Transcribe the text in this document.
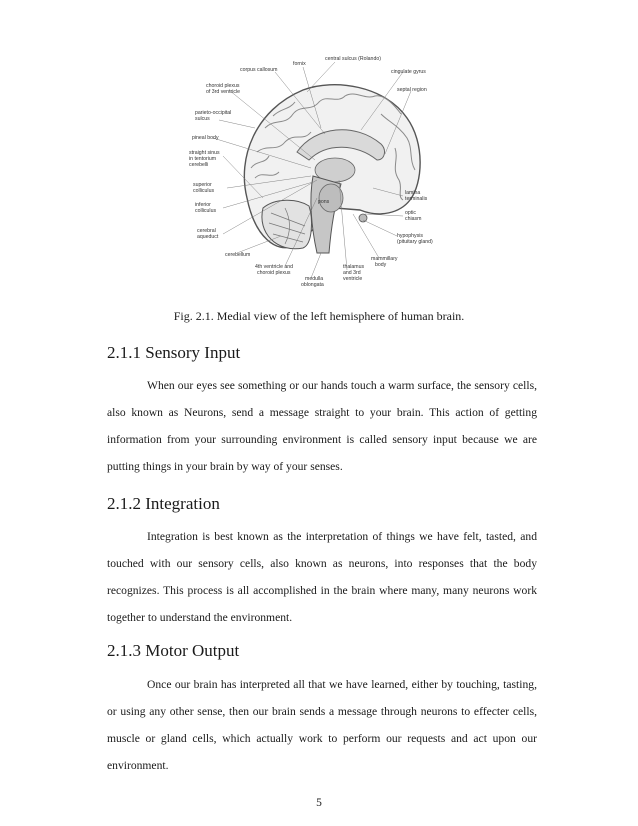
fornix
central sulcus (Rolando)
corpus callosum	cingulate gyrus
choroid plexus
of 3rd ventricle	septal region
parieto-occipital
sulcus
pineal body
straight sinus
in tentorium
cerebelli
superior
colliculus	lamina
terminalis
pons
inferior
colliculus	optic
chiasm
cerebral
aqueduct	hypophysis
(pituitary gland)
cerebellum
mammillary
body
4th ventricle and
choroid plexus
medulla
oblongata
thalamus
and 3rd
ventricle

Fig. 2.1. Medial view of the left hemisphere of human brain.

2.1.1 Sensory Input

When our eyes see something or our hands touch a warm surface, the sensory cells, also known as Neurons, send a message straight to your brain. This action of getting information from your surrounding environment is called sensory input because we are putting things in your brain by way of your senses.

2.1.2 Integration

Integration is best known as the interpretation of things we have felt, tasted, and touched with our sensory cells, also known as neurons, into responses that the body recognizes. This process is all accomplished in the brain where many, many neurons work together to understand the environment.

2.1.3 Motor Output

Once our brain has interpreted all that we have learned, either by touching, tasting, or using any other sense, then our brain sends a message through neurons to effecter cells, muscle or gland cells, which actually work to perform our requests and act upon our environment.

5
